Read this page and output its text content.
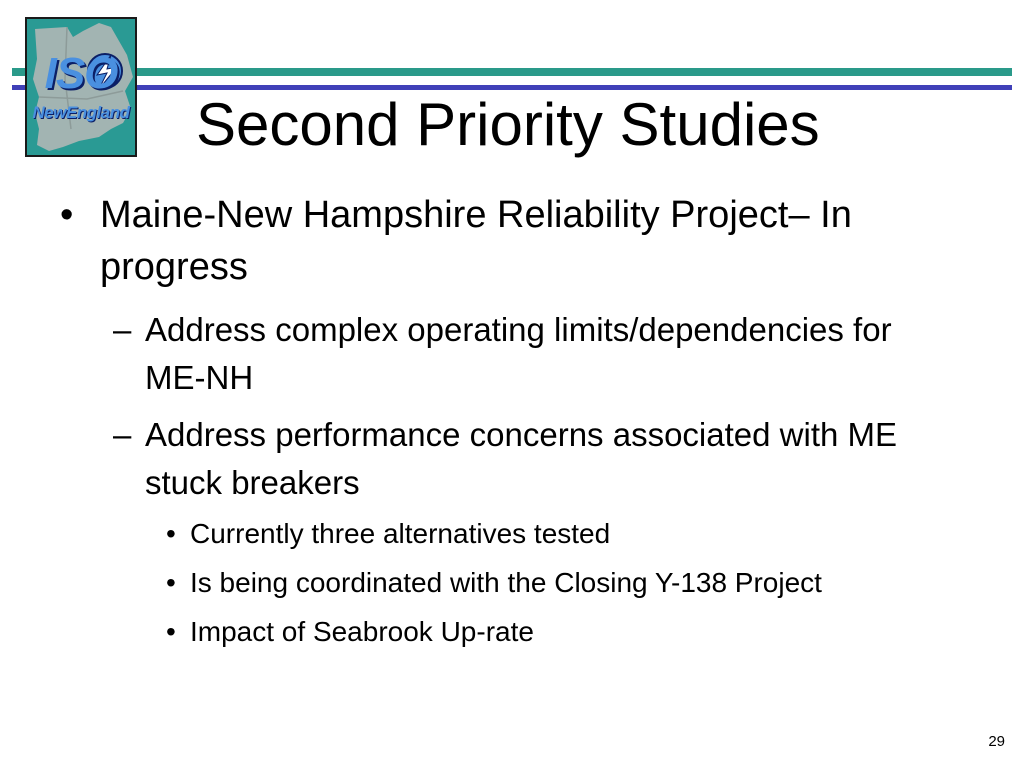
ISO
NewEngland Second Priority Studies

• Maine-New Hampshire Reliability Project– In progress

– Address complex operating limits/dependencies for ME-NH

– Address performance concerns associated with ME stuck breakers

• Currently three alternatives tested

• Is being coordinated with the Closing Y-138 Project

• Impact of Seabrook Up-rate

29
